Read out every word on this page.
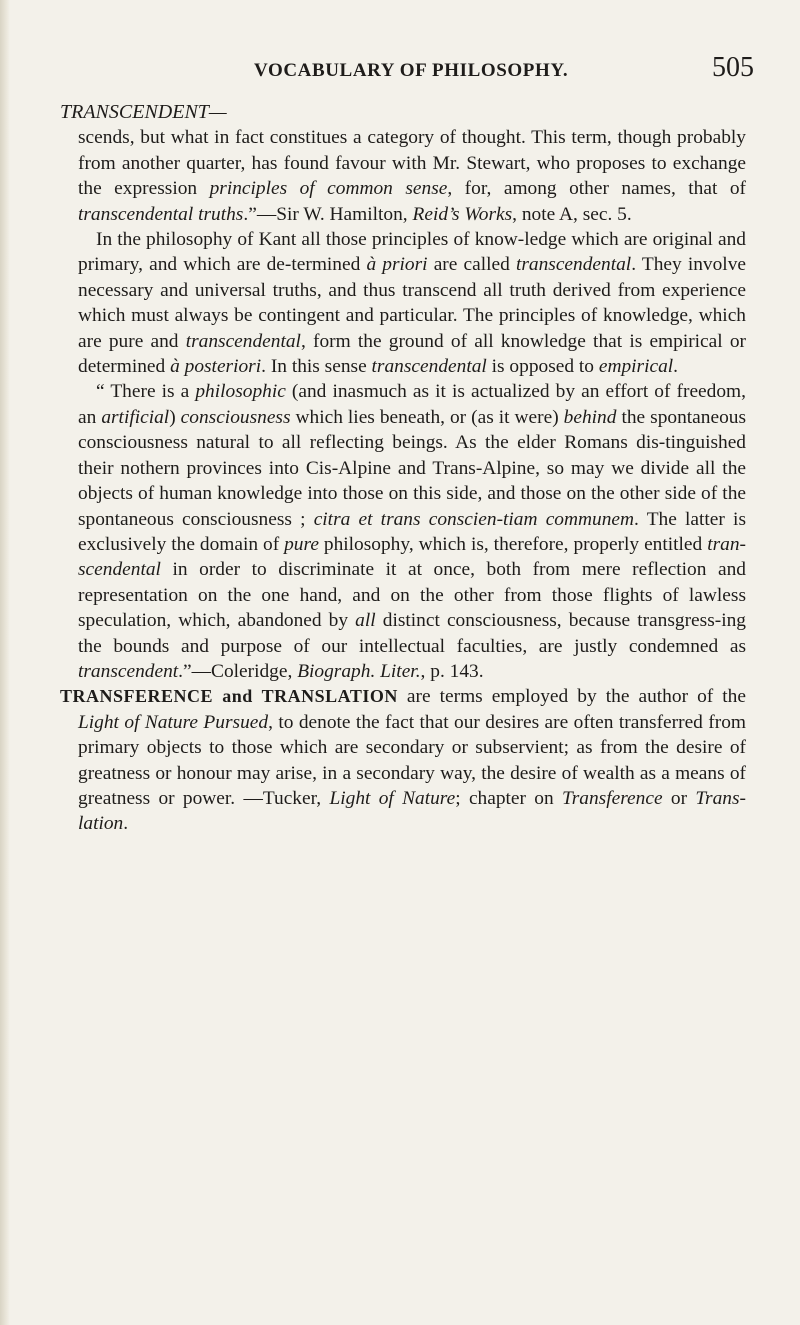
VOCABULARY OF PHILOSOPHY.	505

TRANSCENDENT—

scends, but what in fact constitues a category of thought. This term, though probably from another quarter, has found favour with Mr. Stewart, who proposes to exchange the expression principles of common sense, for, among other names, that of transcendental truths.”—Sir W. Hamilton, Reid’s Works, note A, sec. 5.

In the philosophy of Kant all those principles of know-ledge which are original and primary, and which are de-termined à priori are called transcendental. They involve necessary and universal truths, and thus transcend all truth derived from experience which must always be contingent and particular. The principles of knowledge, which are pure and transcendental, form the ground of all knowledge that is empirical or determined à posteriori. In this sense transcendental is opposed to empirical.

“ There is a philosophic (and inasmuch as it is actualized by an effort of freedom, an artificial) consciousness which lies beneath, or (as it were) behind the spontaneous consciousness natural to all reflecting beings. As the elder Romans dis-tinguished their nothern provinces into Cis-Alpine and Trans-Alpine, so may we divide all the objects of human knowledge into those on this side, and those on the other side of the spontaneous consciousness ; citra et trans conscien-tiam communem. The latter is exclusively the domain of pure philosophy, which is, therefore, properly entitled tran-scendental in order to discriminate it at once, both from mere reflection and representation on the one hand, and on the other from those flights of lawless speculation, which, abandoned by all distinct consciousness, because transgress-ing the bounds and purpose of our intellectual faculties, are justly condemned as transcendent.”—Coleridge, Biograph. Liter., p. 143.

TRANSFERENCE and TRANSLATION are terms employed by the author of the Light of Nature Pursued, to denote the fact that our desires are often transferred from primary objects to those which are secondary or subservient; as from the desire of greatness or honour may arise, in a secondary way, the desire of wealth as a means of greatness or power. —Tucker, Light of Nature; chapter on Transference or Trans-lation.
